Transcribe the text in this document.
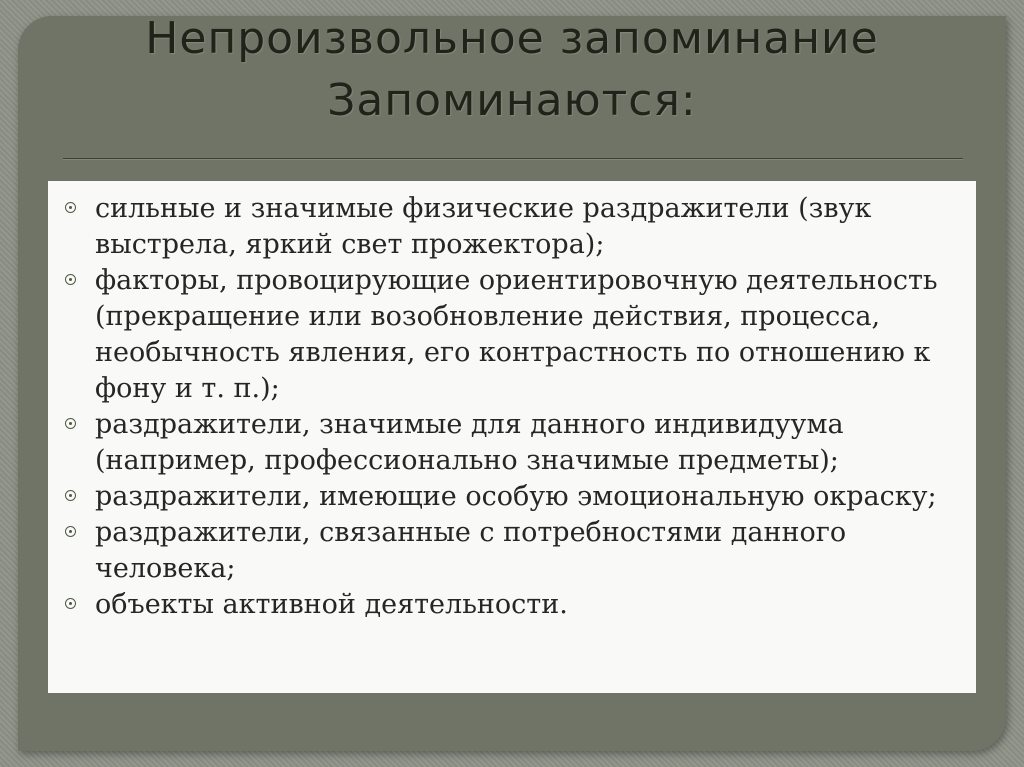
Непроизвольное запоминание
Запоминаются:
сильные и значимые физические раздражители (звук выстрела, яркий свет прожектора);
факторы, провоцирующие ориентировочную деятельность (прекращение или возобновление действия, процесса, необычность явления, его контрастность по отношению к фону и т. п.);
раздражители, значимые для данного индивидуума (например, профессионально значимые предметы);
раздражители, имеющие особую эмоциональную окраску;
раздражители, связанные с потребностями данного человека;
объекты активной деятельности.
